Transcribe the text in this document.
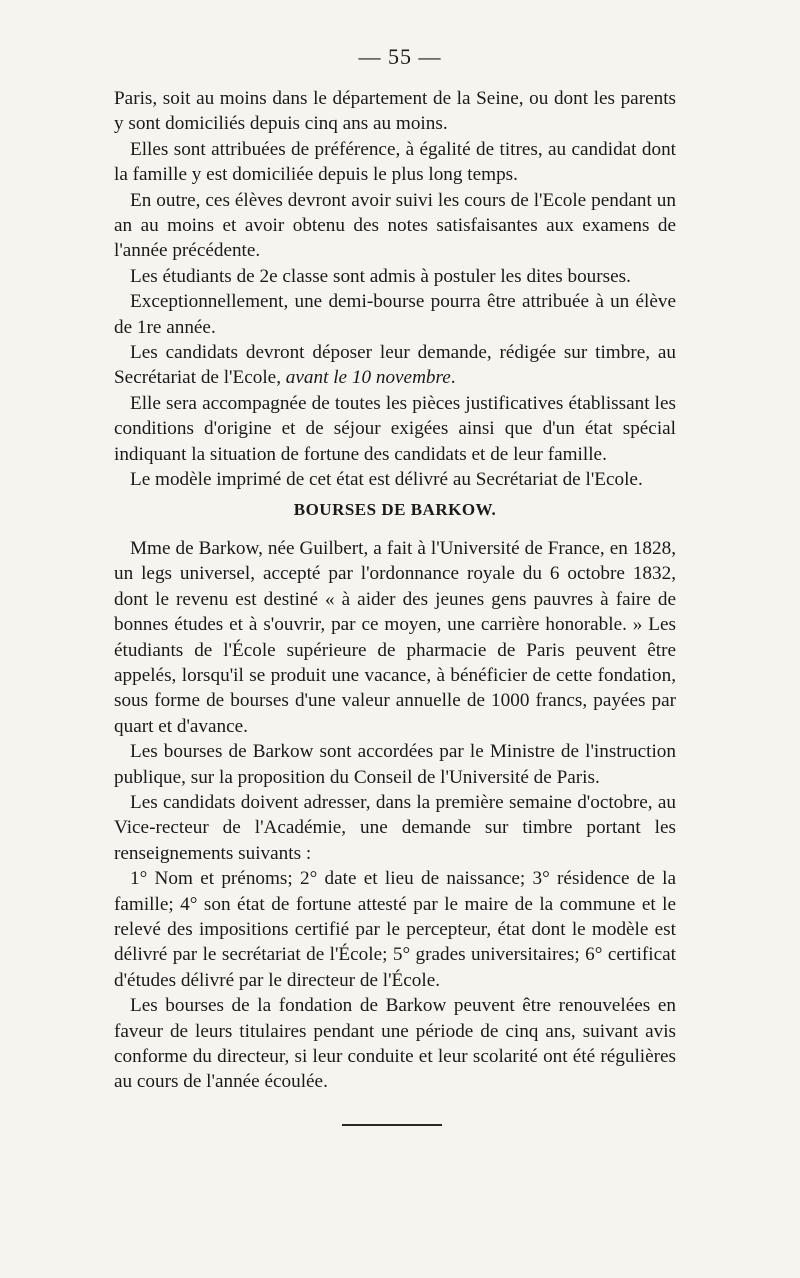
— 55 —

Paris, soit au moins dans le département de la Seine, ou dont les parents y sont domiciliés depuis cinq ans au moins.

Elles sont attribuées de préférence, à égalité de titres, au candidat dont la famille y est domiciliée depuis le plus long temps.

En outre, ces élèves devront avoir suivi les cours de l'Ecole pendant un an au moins et avoir obtenu des notes satisfaisantes aux examens de l'année précédente.

Les étudiants de 2e classe sont admis à postuler les dites bourses.

Exceptionnellement, une demi-bourse pourra être attribuée à un élève de 1re année.

Les candidats devront déposer leur demande, rédigée sur timbre, au Secrétariat de l'Ecole, avant le 10 novembre.

Elle sera accompagnée de toutes les pièces justificatives établissant les conditions d'origine et de séjour exigées ainsi que d'un état spécial indiquant la situation de fortune des candidats et de leur famille.

Le modèle imprimé de cet état est délivré au Secrétariat de l'Ecole.

BOURSES DE BARKOW.

Mme de Barkow, née Guilbert, a fait à l'Université de France, en 1828, un legs universel, accepté par l'ordonnance royale du 6 octobre 1832, dont le revenu est destiné « à aider des jeunes gens pauvres à faire de bonnes études et à s'ouvrir, par ce moyen, une carrière honorable. » Les étudiants de l'École supérieure de pharmacie de Paris peuvent être appelés, lorsqu'il se produit une vacance, à bénéficier de cette fondation, sous forme de bourses d'une valeur annuelle de 1000 francs, payées par quart et d'avance.

Les bourses de Barkow sont accordées par le Ministre de l'instruction publique, sur la proposition du Conseil de l'Université de Paris.

Les candidats doivent adresser, dans la première semaine d'octobre, au Vice-recteur de l'Académie, une demande sur timbre portant les renseignements suivants :

1° Nom et prénoms; 2° date et lieu de naissance; 3° résidence de la famille; 4° son état de fortune attesté par le maire de la commune et le relevé des impositions certifié par le percepteur, état dont le modèle est délivré par le secrétariat de l'École; 5° grades universitaires; 6° certificat d'études délivré par le directeur de l'École.

Les bourses de la fondation de Barkow peuvent être renouvelées en faveur de leurs titulaires pendant une période de cinq ans, suivant avis conforme du directeur, si leur conduite et leur scolarité ont été régulières au cours de l'année écoulée.
